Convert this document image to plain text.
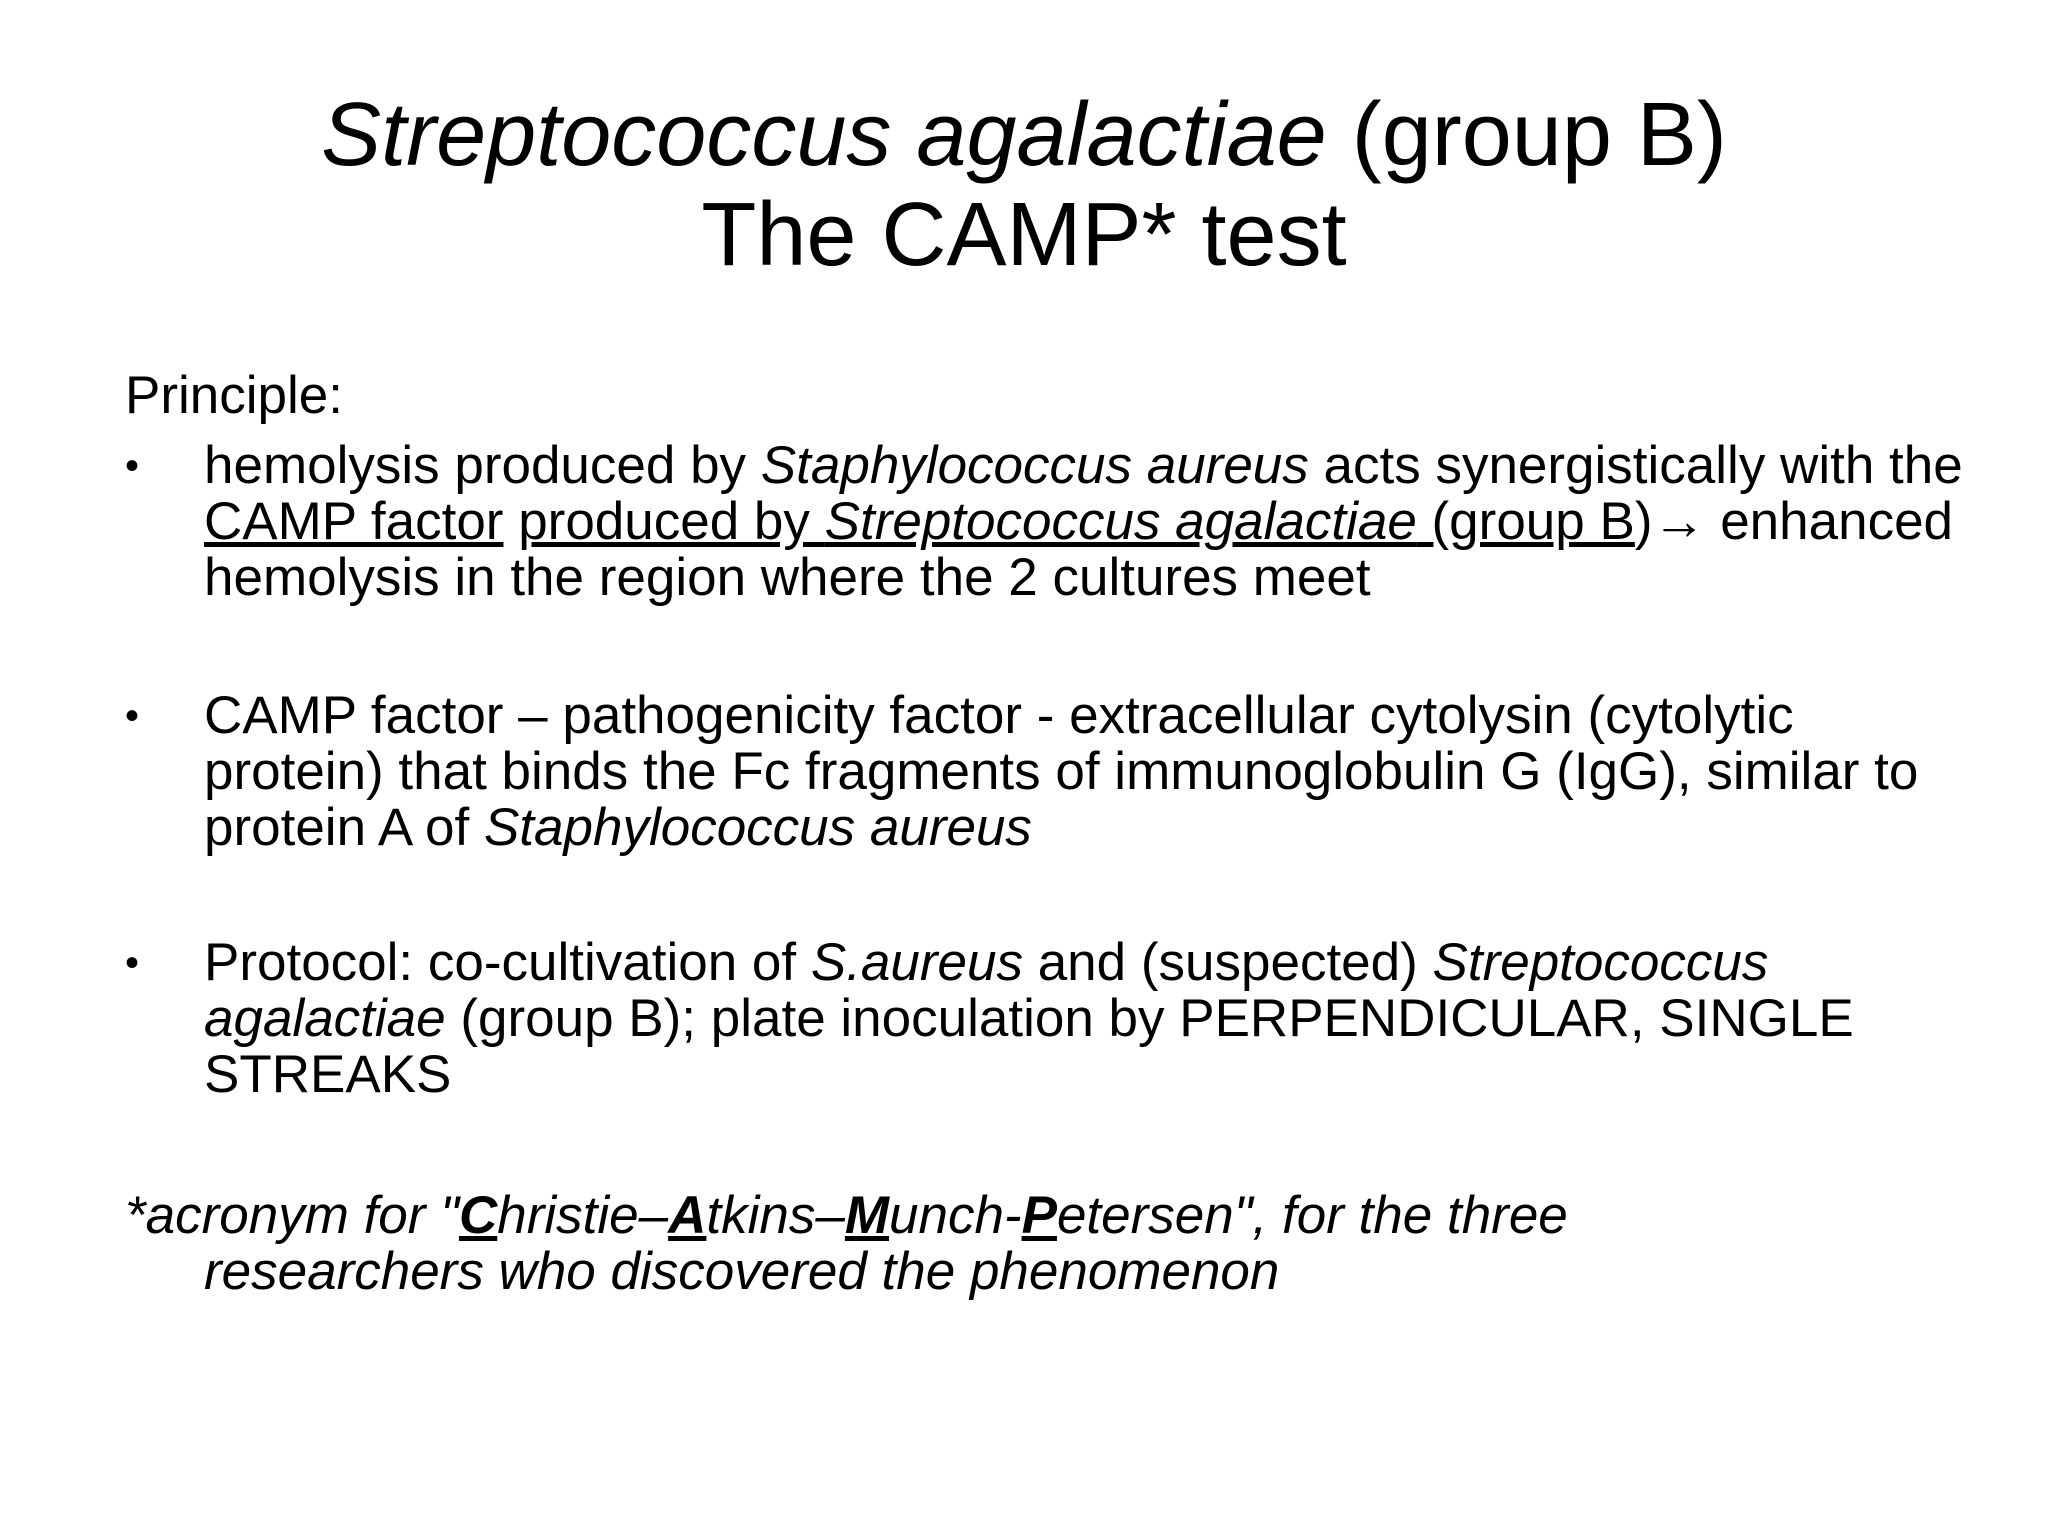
Streptococcus agalactiae (group B)
The CAMP* test
Principle:
• hemolysis produced by Staphylococcus aureus acts synergistically with the CAMP factor produced by Streptococcus agalactiae (group B)→ enhanced hemolysis in the region where the 2 cultures meet
• CAMP factor – pathogenicity factor - extracellular cytolysin (cytolytic protein) that binds the Fc fragments of immunoglobulin G (IgG), similar to protein A of Staphylococcus aureus
• Protocol: co-cultivation of S.aureus and (suspected) Streptococcus agalactiae (group B); plate inoculation by PERPENDICULAR, SINGLE STREAKS
*acronym for "Christie–Atkins–Munch-Petersen", for the three
researchers who discovered the phenomenon
